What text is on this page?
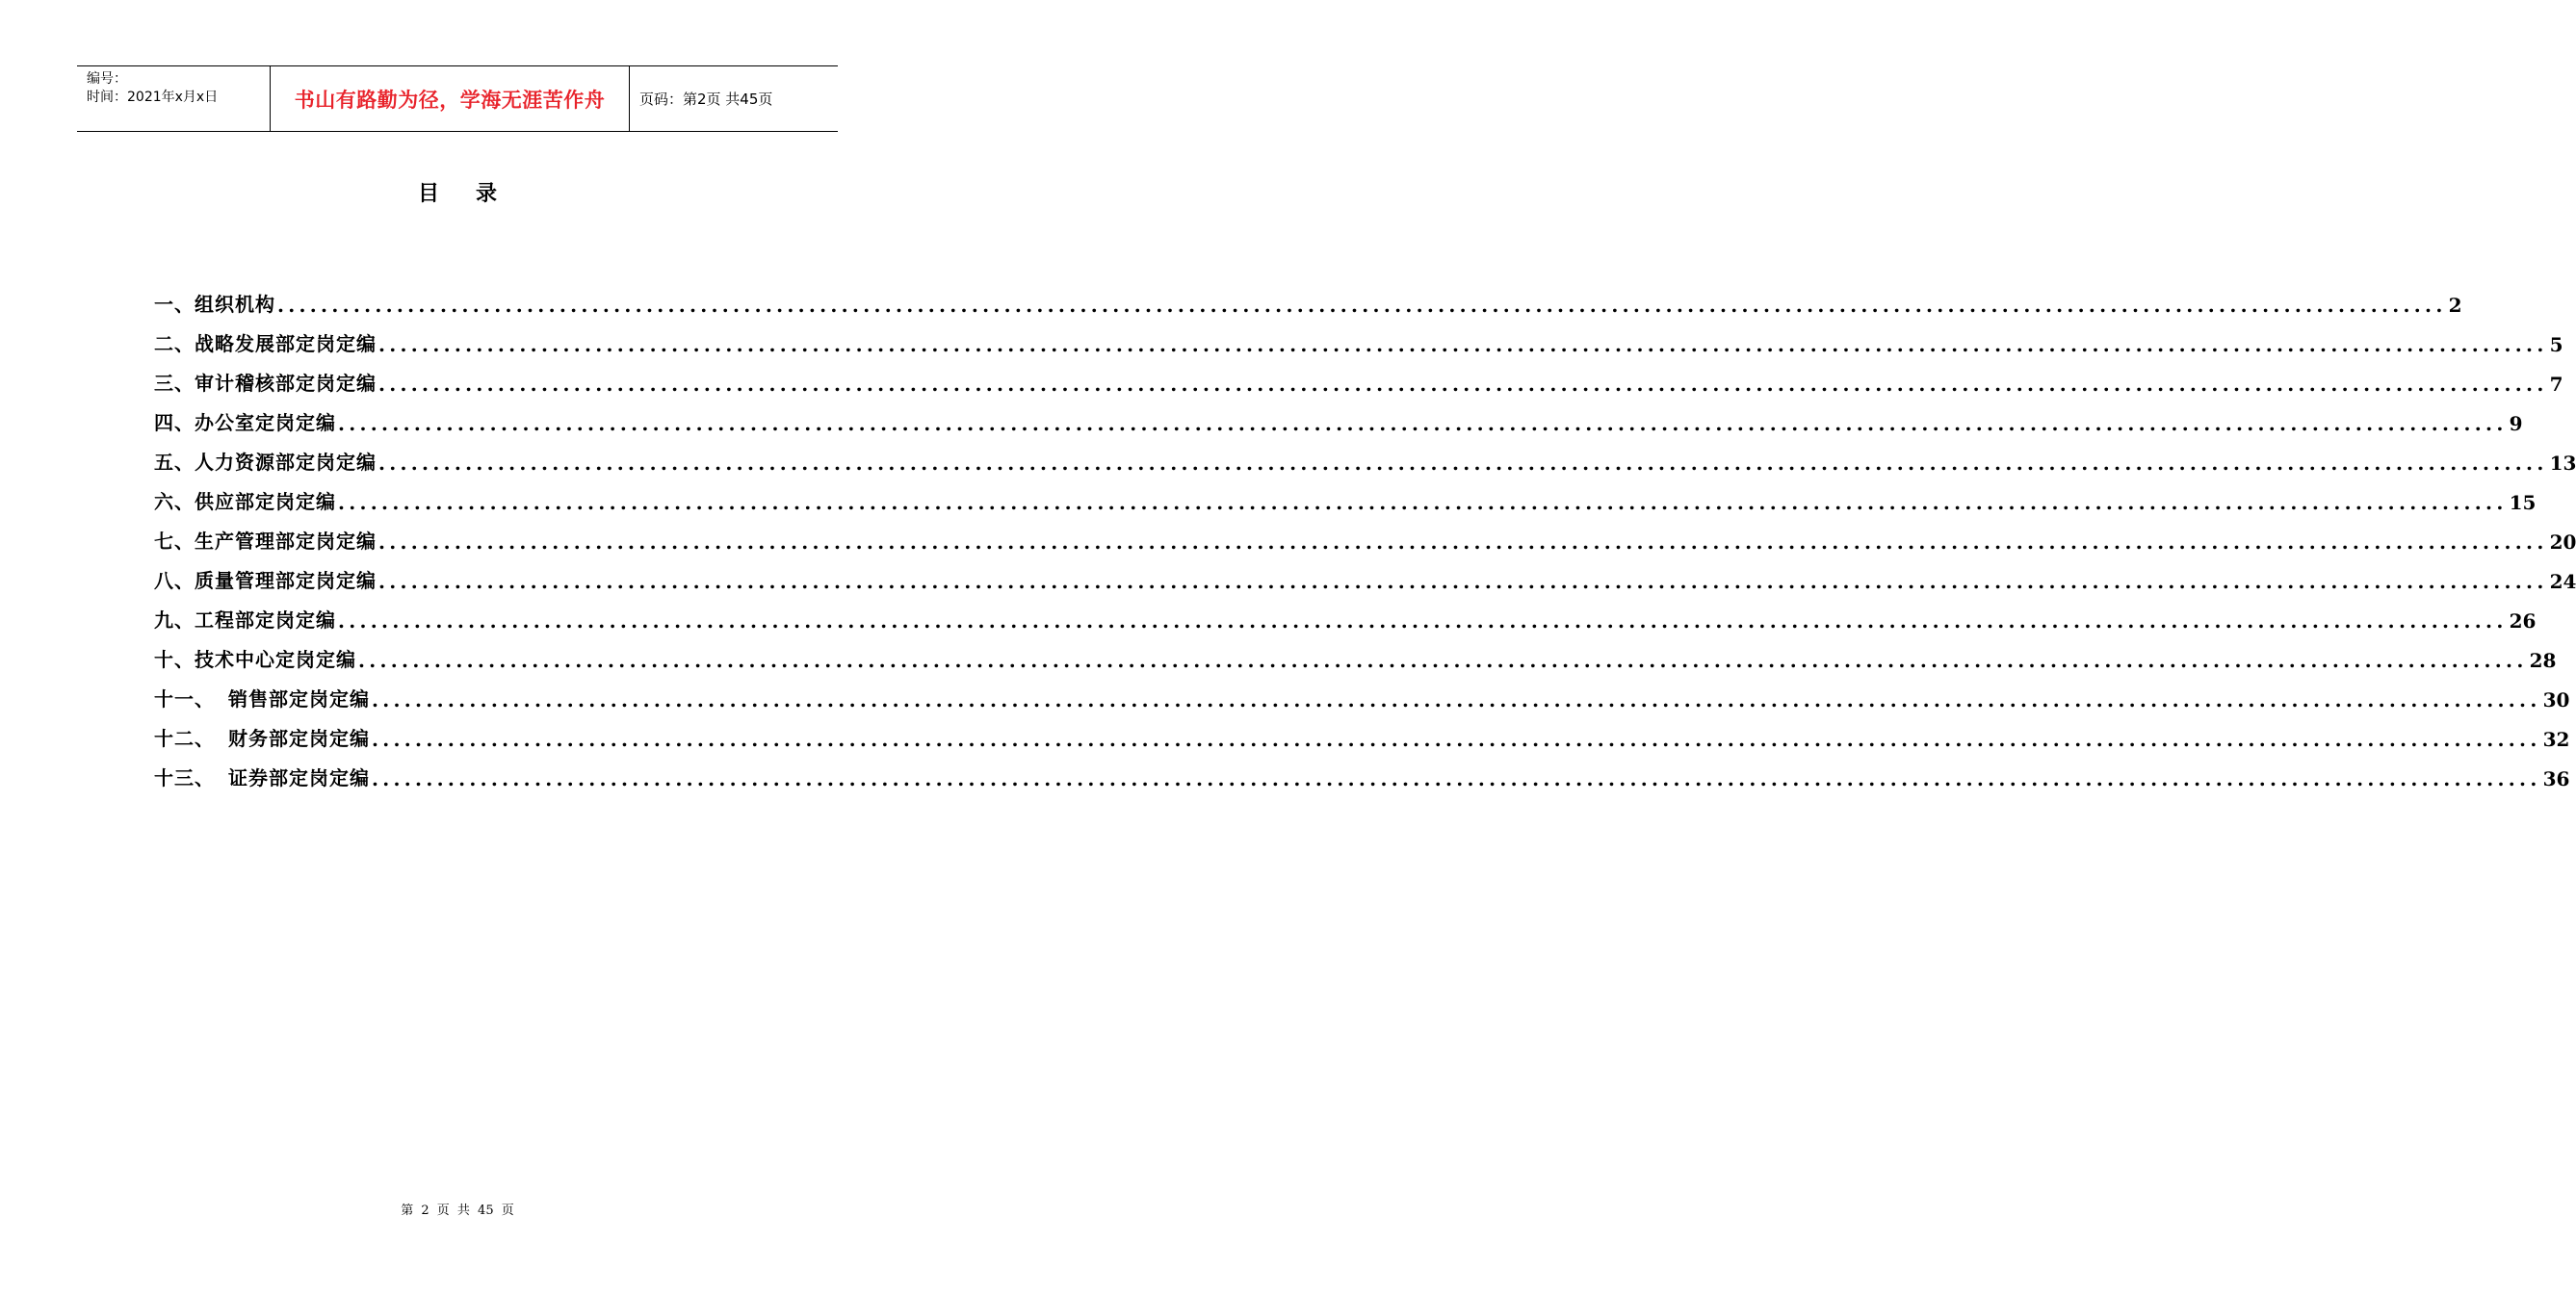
编号：
时间：2021年x月x日	书山有路勤为径，学海无涯苦作舟	页码：第2页 共45页
目录
一、组织机构 ........................................................................................................................................................................................................ 2
二、战略发展部定岗定编 ........................................................................................................................................................................................................ 5
三、审计稽核部定岗定编 ........................................................................................................................................................................................................ 7
四、办公室定岗定编 ........................................................................................................................................................................................................ 9
五、人力资源部定岗定编 ........................................................................................................................................................................................................ 13
六、供应部定岗定编 ........................................................................................................................................................................................................ 15
七、生产管理部定岗定编 ........................................................................................................................................................................................................ 20
八、质量管理部定岗定编 ........................................................................................................................................................................................................ 24
九、工程部定岗定编 ........................................................................................................................................................................................................ 26
十、技术中心定岗定编 ........................................................................................................................................................................................................ 28
十一、 销售部定岗定编 ........................................................................................................................................................................................................ 30
十二、 财务部定岗定编 ........................................................................................................................................................................................................ 32
十三、 证券部定岗定编 ........................................................................................................................................................................................................ 36
第 2 页 共 45 页
